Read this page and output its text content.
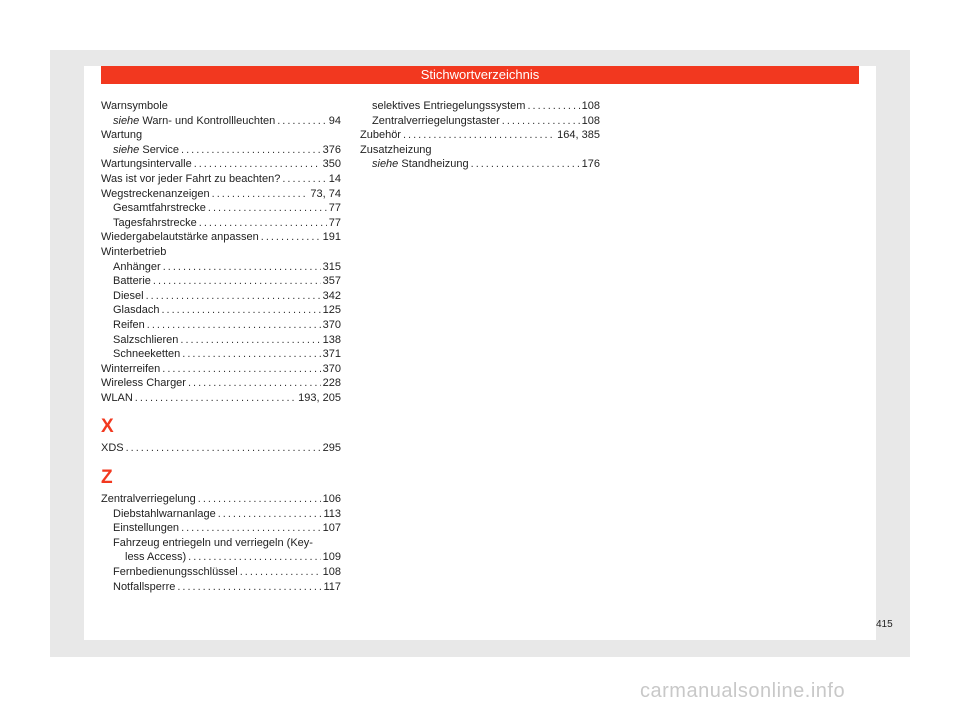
Stichwortverzeichnis
Warnsymbole
siehe Warn- und Kontrollleuchten .....	94
Wartung
siehe Service .....	376
Wartungsintervalle .....	350
Was ist vor jeder Fahrt zu beachten? .....	14
Wegstreckenanzeigen .....	73, 74
Gesamtfahrstrecke .....	77
Tagesfahrstrecke .....	77
Wiedergabelautstärke anpassen .....	191
Winterbetrieb
Anhänger .....	315
Batterie .....	357
Diesel .....	342
Glasdach .....	125
Reifen .....	370
Salzschlieren .....	138
Schneeketten .....	371
Winterreifen .....	370
Wireless Charger .....	228
WLAN .....	193, 205
X
XDS .....	295
Z
Zentralverriegelung .....	106
Diebstahlwarnanlage .....	113
Einstellungen .....	107
Fahrzeug entriegeln und verriegeln (Key-
less Access) .....	109
Fernbedienungsschlüssel .....	108
Notfallsperre .....	117
selektives Entriegelungssystem .....	108
Zentralverriegelungstaster .....	108
Zubehör .....	164, 385
Zusatzheizung
siehe Standheizung .....	176
415
carmanualsonline.info
